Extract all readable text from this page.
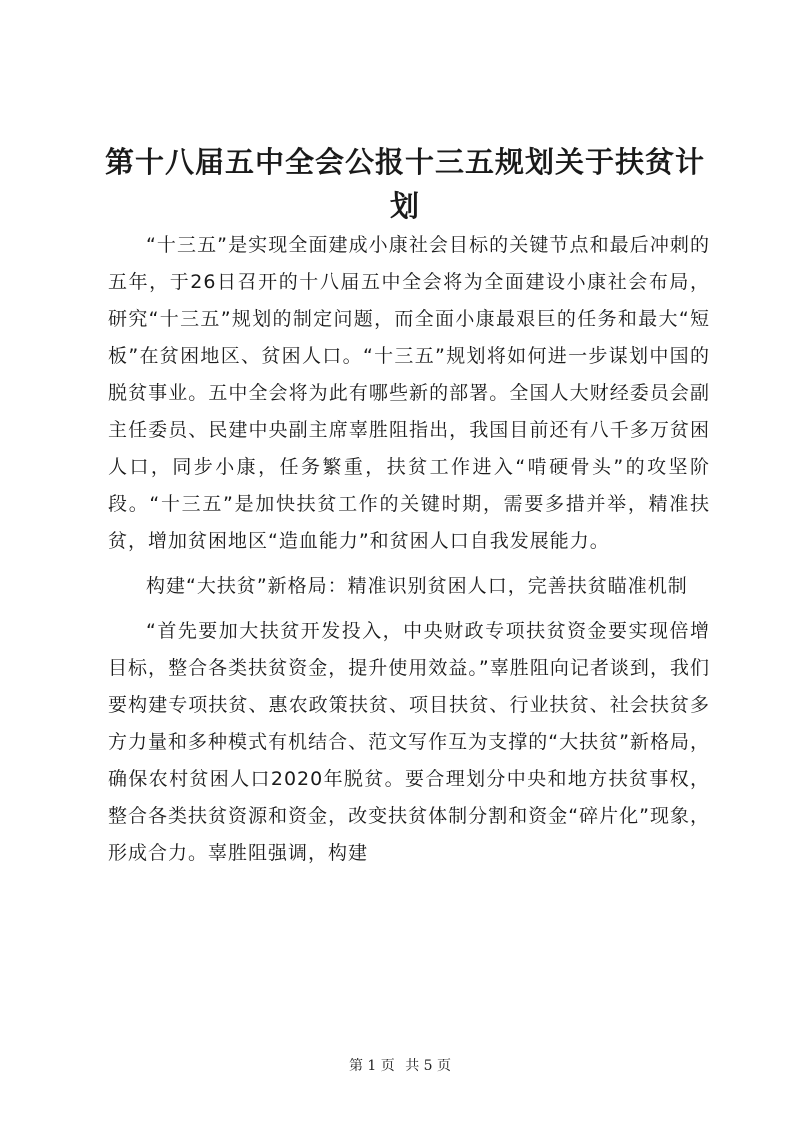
第十八届五中全会公报十三五规划关于扶贫计划

“十三五”是实现全面建成小康社会目标的关键节点和最后冲刺的五年，于26日召开的十八届五中全会将为全面建设小康社会布局，研究“十三五”规划的制定问题，而全面小康最艰巨的任务和最大“短板”在贫困地区、贫困人口。“十三五”规划将如何进一步谋划中国的脱贫事业。五中全会将为此有哪些新的部署。全国人大财经委员会副主任委员、民建中央副主席辜胜阻指出，我国目前还有八千多万贫困人口，同步小康，任务繁重，扶贫工作进入“啃硬骨头”的攻坚阶段。“十三五”是加快扶贫工作的关键时期，需要多措并举，精准扶贫，增加贫困地区“造血能力”和贫困人口自我发展能力。

构建“大扶贫”新格局：精准识别贫困人口，完善扶贫瞄准机制

“首先要加大扶贫开发投入，中央财政专项扶贫资金要实现倍增目标，整合各类扶贫资金，提升使用效益。”辜胜阻向记者谈到，我们要构建专项扶贫、惠农政策扶贫、项目扶贫、行业扶贫、社会扶贫多方力量和多种模式有机结合、范文写作互为支撑的“大扶贫”新格局，确保农村贫困人口2020年脱贫。要合理划分中央和地方扶贫事权，整合各类扶贫资源和资金，改变扶贫体制分割和资金“碎片化”现象，形成合力。辜胜阻强调，构建

第 1 页 共 5 页
